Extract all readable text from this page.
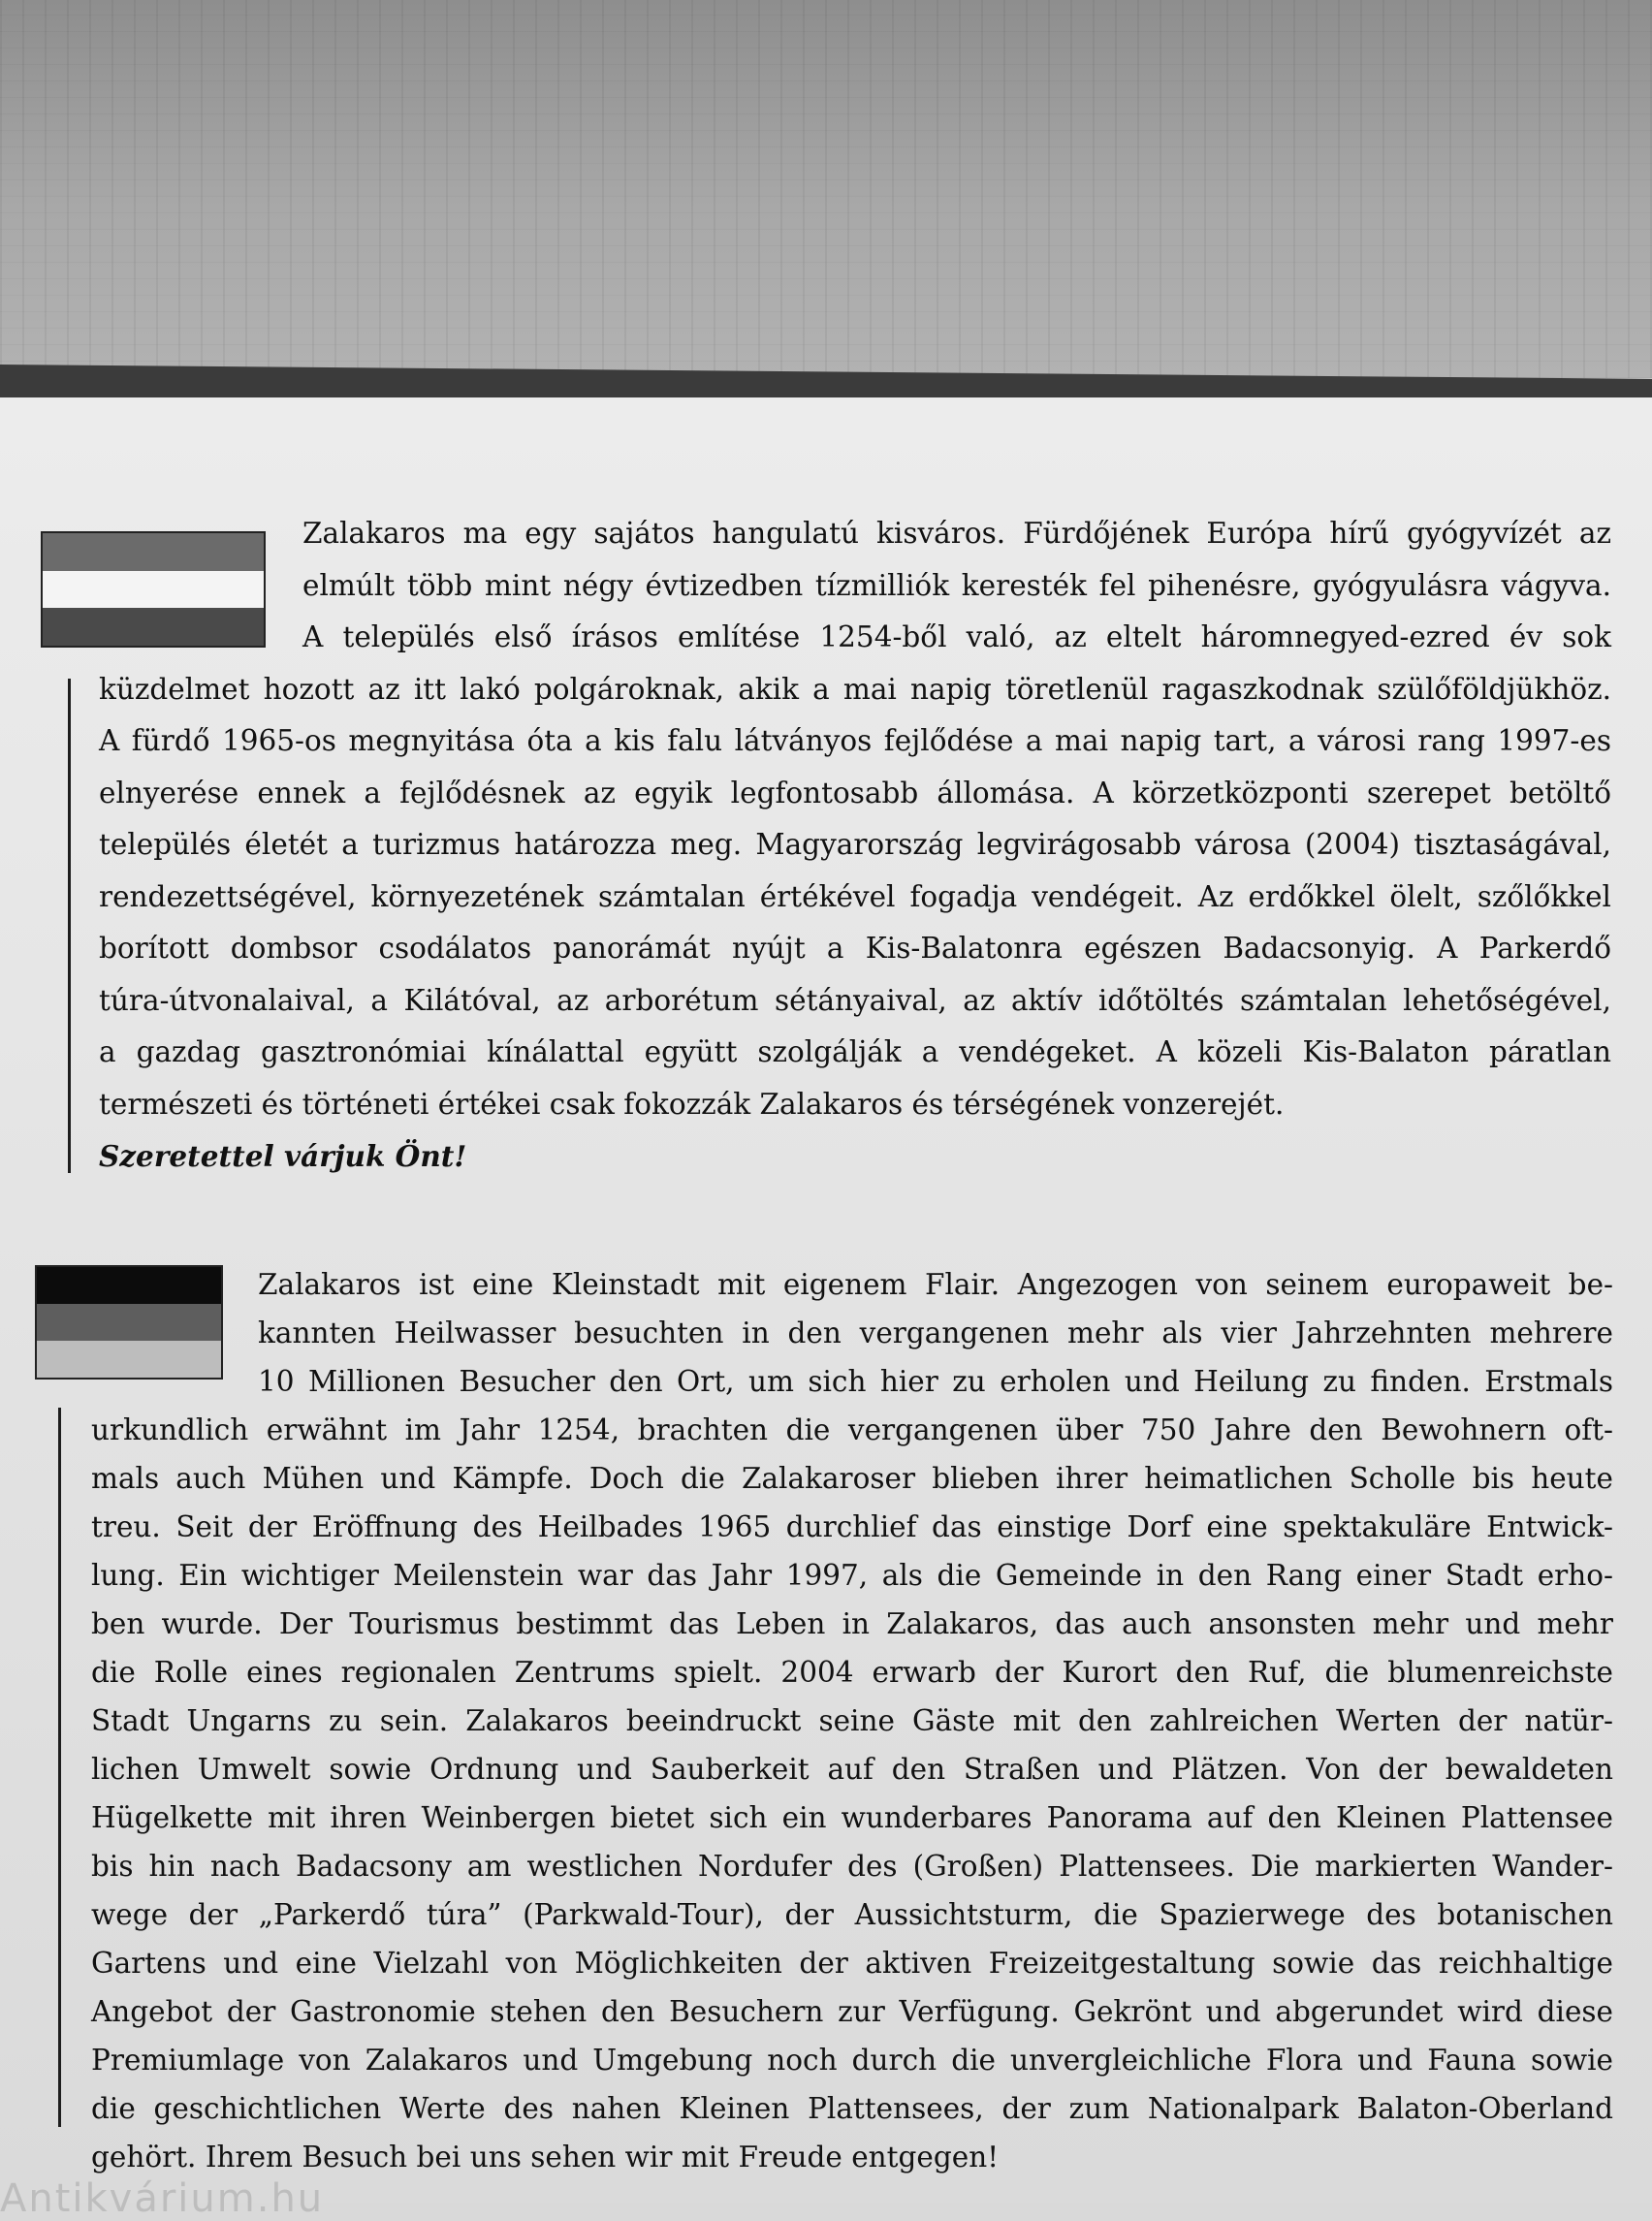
Zalakaros ma egy sajátos hangulatú kisváros. Fürdőjének Európa hírű gyógyvízét az

elmúlt több mint négy évtizedben tízmilliók keresték fel pihenésre, gyógyulásra vágyva.

A település első írásos említése 1254-ből való, az eltelt háromnegyed-ezred év sok

küzdelmet hozott az itt lakó polgároknak, akik a mai napig töretlenül ragaszkodnak szülőföldjükhöz.

A fürdő 1965-os megnyitása óta a kis falu látványos fejlődése a mai napig tart, a városi rang 1997-es

elnyerése ennek a fejlődésnek az egyik legfontosabb állomása. A körzetközponti szerepet betöltő

település életét a turizmus határozza meg. Magyarország legvirágosabb városa (2004) tisztaságával,

rendezettségével, környezetének számtalan értékével fogadja vendégeit. Az erdőkkel ölelt, szőlőkkel

borított dombsor csodálatos panorámát nyújt a Kis-Balatonra egészen Badacsonyig. A Parkerdő

túra-útvonalaival, a Kilátóval, az arborétum sétányaival, az aktív időtöltés számtalan lehetőségével,

a gazdag gasztronómiai kínálattal együtt szolgálják a vendégeket. A közeli Kis-Balaton páratlan

természeti és történeti értékei csak fokozzák Zalakaros és térségének vonzerejét.

Szeretettel várjuk Önt!

Zalakaros ist eine Kleinstadt mit eigenem Flair. Angezogen von seinem europaweit be-

kannten Heilwasser besuchten in den vergangenen mehr als vier Jahrzehnten mehrere

10 Millionen Besucher den Ort, um sich hier zu erholen und Heilung zu finden. Erstmals

urkundlich erwähnt im Jahr 1254, brachten die vergangenen über 750 Jahre den Bewohnern oft-

mals auch Mühen und Kämpfe. Doch die Zalakaroser blieben ihrer heimatlichen Scholle bis heute

treu. Seit der Eröffnung des Heilbades 1965 durchlief das einstige Dorf eine spektakuläre Entwick-

lung. Ein wichtiger Meilenstein war das Jahr 1997, als die Gemeinde in den Rang einer Stadt erho-

ben wurde. Der Tourismus bestimmt das Leben in Zalakaros, das auch ansonsten mehr und mehr

die Rolle eines regionalen Zentrums spielt. 2004 erwarb der Kurort den Ruf, die blumenreichste

Stadt Ungarns zu sein. Zalakaros beeindruckt seine Gäste mit den zahlreichen Werten der natür-

lichen Umwelt sowie Ordnung und Sauberkeit auf den Straßen und Plätzen. Von der bewaldeten

Hügelkette mit ihren Weinbergen bietet sich ein wunderbares Panorama auf den Kleinen Plattensee

bis hin nach Badacsony am westlichen Nordufer des (Großen) Plattensees. Die markierten Wander-

wege der „Parkerdő túra” (Parkwald-Tour), der Aussichtsturm, die Spazierwege des botanischen

Gartens und eine Vielzahl von Möglichkeiten der aktiven Freizeitgestaltung sowie das reichhaltige

Angebot der Gastronomie stehen den Besuchern zur Verfügung. Gekrönt und abgerundet wird diese

Premiumlage von Zalakaros und Umgebung noch durch die unvergleichliche Flora und Fauna sowie

die geschichtlichen Werte des nahen Kleinen Plattensees, der zum Nationalpark Balaton-Oberland

gehört. Ihrem Besuch bei uns sehen wir mit Freude entgegen!

Antikvárium.hu
